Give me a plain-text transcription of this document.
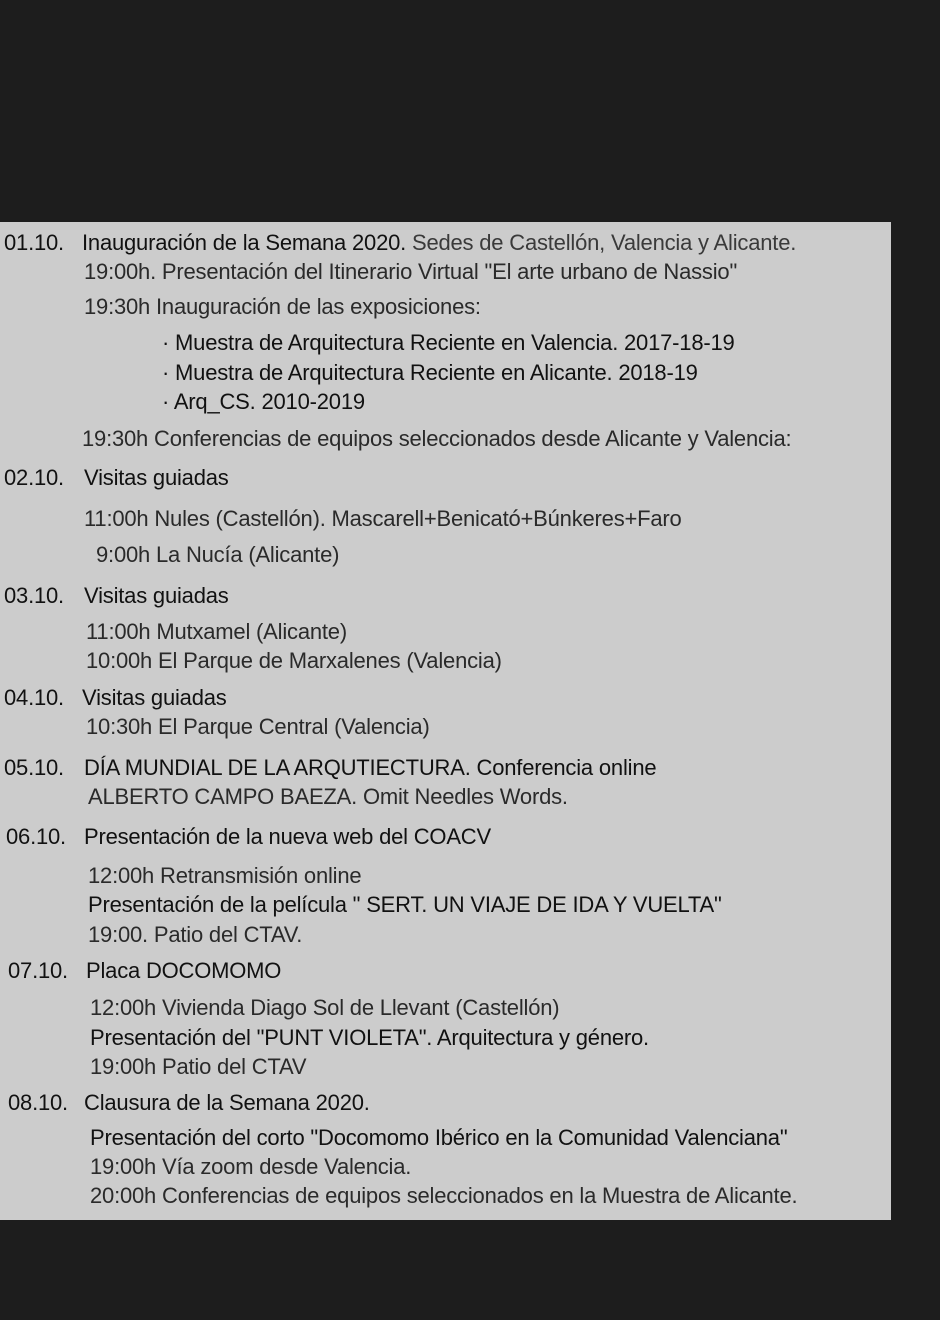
01.10. Inauguración de la Semana 2020. Sedes de Castellón, Valencia y Alicante.
19:00h. Presentación del Itinerario Virtual "El arte urbano de Nassio"
19:30h Inauguración de las exposiciones:
· Muestra de Arquitectura Reciente en Valencia. 2017-18-19
· Muestra de Arquitectura Reciente en Alicante. 2018-19
· Arq_CS. 2010-2019
19:30h Conferencias de equipos seleccionados desde Alicante y Valencia:
02.10. Visitas guiadas
11:00h Nules (Castellón). Mascarell+Benicató+Búnkeres+Faro
9:00h La Nucía (Alicante)
03.10. Visitas guiadas
11:00h Mutxamel (Alicante)
10:00h El Parque de Marxalenes (Valencia)
04.10. Visitas guiadas
10:30h El Parque Central (Valencia)
05.10. DÍA MUNDIAL DE LA ARQUTIECTURA. Conferencia online
ALBERTO CAMPO BAEZA. Omit Needles Words.
06.10. Presentación de la nueva web del COACV
12:00h Retransmisión online
Presentación de la película " SERT. UN VIAJE DE IDA Y VUELTA"
19:00. Patio del CTAV.
07.10. Placa DOCOMOMO
12:00h Vivienda Diago Sol de Llevant (Castellón)
Presentación del "PUNT VIOLETA". Arquitectura y género.
19:00h Patio del CTAV
08.10. Clausura de la Semana 2020.
Presentación del corto "Docomomo Ibérico en la Comunidad Valenciana"
19:00h Vía zoom desde Valencia.
20:00h Conferencias de equipos seleccionados en la Muestra de Alicante.
